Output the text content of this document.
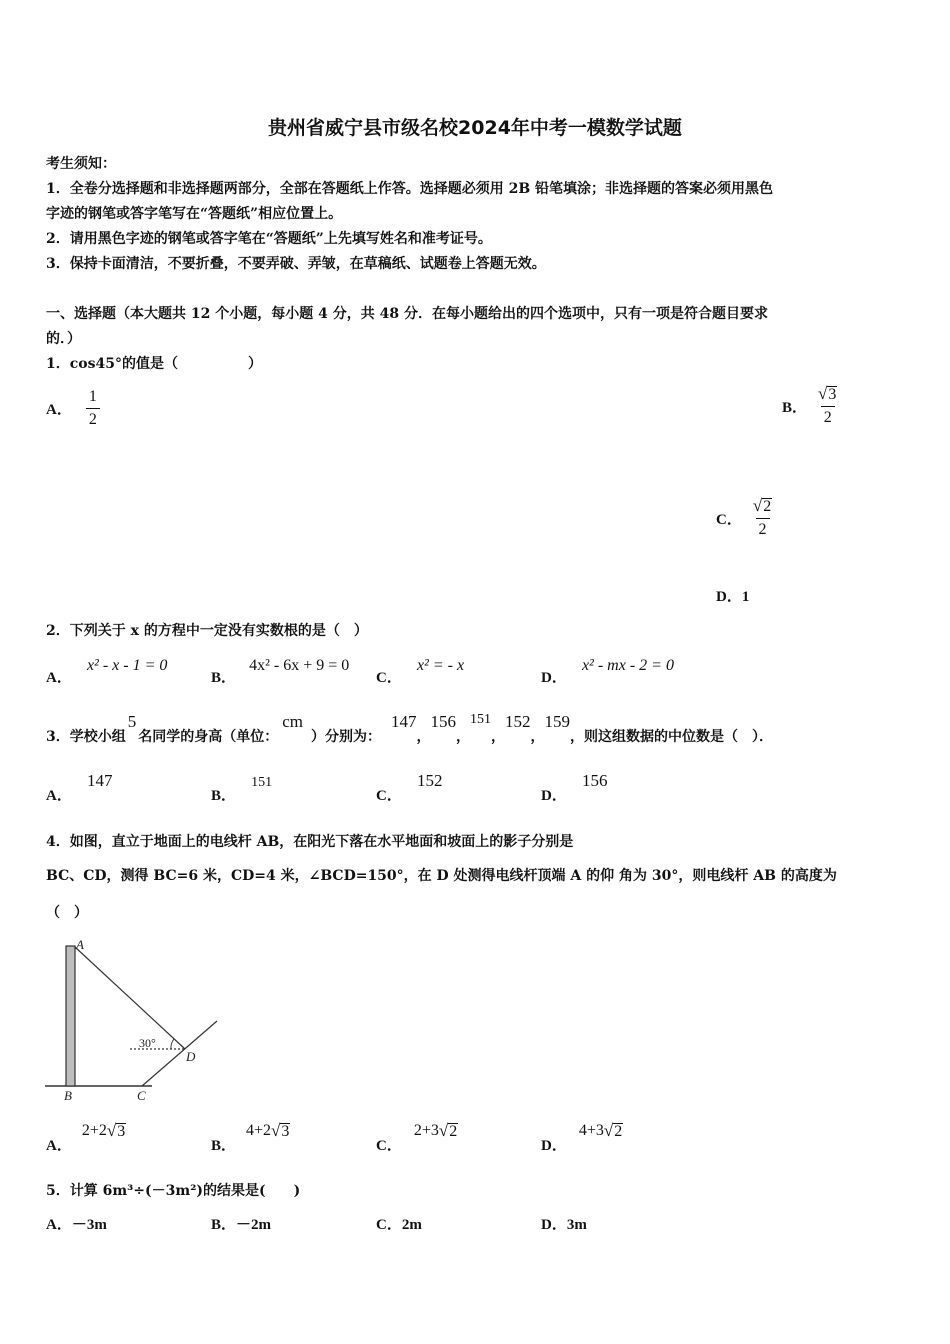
贵州省威宁县市级名校2024年中考一模数学试题
考生须知：
1．全卷分选择题和非选择题两部分，全部在答题纸上作答。选择题必须用 2B 铅笔填涂；非选择题的答案必须用黑色
字迹的钢笔或答字笔写在“答题纸”相应位置上。
2．请用黑色字迹的钢笔或答字笔在“答题纸”上先填写姓名和准考证号。
3．保持卡面清洁，不要折叠，不要弄破、弄皱，在草稿纸、试题卷上答题无效。
一、选择题（本大题共 12 个小题，每小题 4 分，共 48 分．在每小题给出的四个选项中，只有一项是符合题目要求
的．）
1．cos45°的值是（　　　　　）
A． $\frac{1}{2}$	B． $\frac{√ 3}{2}$
C． $\frac{√ 2}{2}$
D．1
2．下列关于 x 的方程中一定没有实数根的是（　）
A． x² - x - 1 = 0
B． 4x² - 6x + 9 = 0
C． x² = - x
D． x² - mx - 2 = 0
3．学校小组
5
名同学的身高（单位：
cm
）分别为：
147
，
156
，
151
，
152
，
159
，则这组数据的中位数是（　）．
A． 147
B． 151
C． 152
D． 156
4．如图，直立于地面上的电线杆 AB，在阳光下落在水平地面和坡面上的影子分别是
BC、CD，测得 BC=6 米，CD=4 米，∠BCD=150°，在 D 处测得电线杆顶端 A 的仰 角为 30°，则电线杆 AB 的高度为
（　）
30°
A
B	C
D
A．
2+2 √ 3
B．
4+2 √ 3
C．
2+3 √ 2
D．
4+3 √ 2
5．计算 6m³÷(－3m²)的结果是(　　)
A．－3m	B．－2m	C．2m	D．3m
